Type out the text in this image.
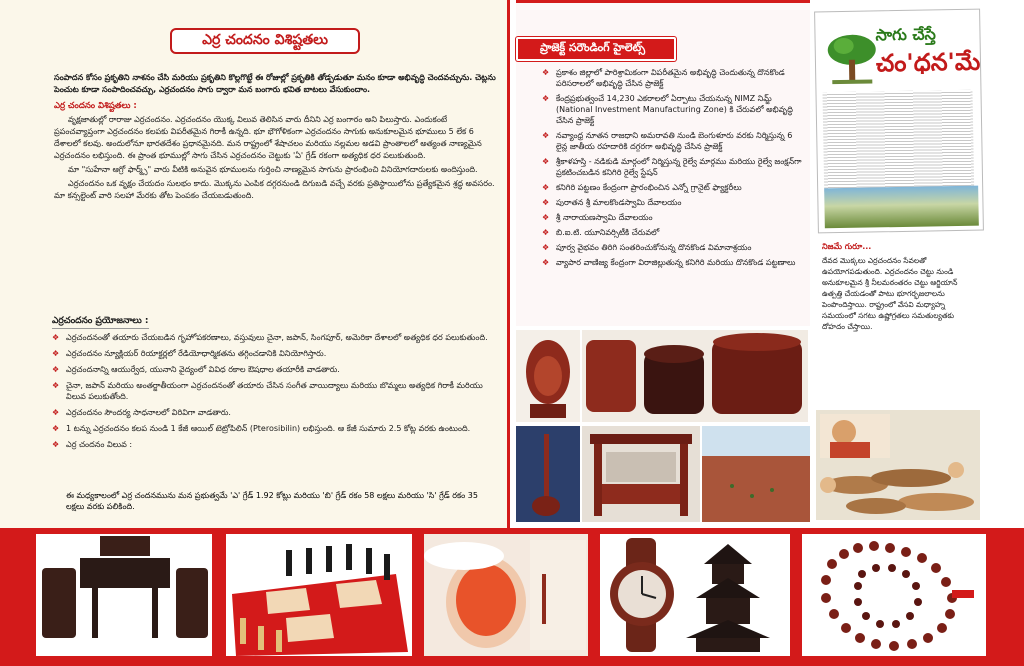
ఎర్ర చందనం విశిష్టతలు

సంపాదన కోసం ప్రకృతిని నాశనం చేసి మరియు ప్రకృతిని కొల్లగొట్టే ఈ రోజుల్లో ప్రకృతికి తోడ్పడుతూ మనం కూడా అభివృద్ధి చెందవచ్చును. చెట్లను పెంచుట కూడా సంపాదించవచ్చు, ఎర్రచందనం సాగు ద్వారా మన బంగారు భవిత బాటలు వేసుకుందాం.

ఎర్ర చందనం విశిష్టతలు :

వృక్షజాతుల్లో రారాజు ఎర్రచందనం. ఎర్రచందనం యొక్క విలువ తెలిసిన వారు దీనిని ఎర్ర బంగారం అని పిలుస్తారు. ఎందుకంటే ప్రపంచవ్యాప్తంగా ఎర్రచందనం కలపకు విపరీతమైన గిరాకీ ఉన్నది. భూ భౌగోళికంగా ఎర్రచందనం సాగుకు అనుకూలమైన భూములు 5 లేక 6 దేశాలలో కలవు. అందులోనూ భారతదేశం ప్రధానమైనది. మన రాష్ట్రంలో శేషాచలం మరియు నల్లమల అడవి ప్రాంతాలలో అత్యంత నాణ్యమైన ఎర్రచందనం లభిస్తుంది. ఈ ప్రాంత భూముల్లో సాగు చేసిన ఎర్రచందనం చెట్టుకు 'ఏ' గ్రేడ్ రకంగా అత్యధిక ధర పలుకుతుంది.

మా "సుహేనా ఆగ్రో ఫార్మ్స్" వారు వీటికి అనువైన భూములను గుర్తించి నాణ్యమైన సాగును ప్రారంభించి వినియోగదారులకు అందిస్తుంది.

ఎర్రచందనం ఒక వృక్షం చేయదం సులభం కాదు. మొక్కను ఎంపిక దగ్గరనుండి దిగుబడి వచ్చే వరకు ప్రతిస్థాయిలోను ప్రత్యేకమైన శ్రద్ధ అవసరం. మా కన్సల్టెంట్ వారి సలహా మేరకు తోట పెంపకం చేయబడుతుంది.

ఎర్రచందనం ప్రయోజనాలు :
❖ ఎర్రచందనంతో తయారు చేయబడిన గృహోపకరణాలు, వస్తువులు చైనా, జపాన్, సింగపూర్, అమెరికా దేశాలలో అత్యధిక ధర పలుకుతుంది.
❖ ఎర్రచందనం న్యూక్లియర్ రియాక్టర్లలో రేడియోధార్మికతను తగ్గించడానికి వినియోగిస్తారు.
❖ ఎర్రచందనాన్ని ఆయుర్వేద, యునాని వైద్యంలో వివిధ రకాల ఔషధాల తయారీకి వాడతారు.
❖ చైనా, జపాన్ మరియు అంతర్జాతీయంగా ఎర్రచందనంతో తయారు చేసిన సంగీత వాయిద్యాలు మరియు బొమ్మలు అత్యధిక గిరాకీ మరియు విలువ పలుకుతోంది.
❖ ఎర్రచందనం సౌందర్య సాధనాలలో విరివిగా వాడతారు.
❖ 1 టన్ను ఎర్రచందనం కలప నుండి 1 కేజీ ఆయిల్ టెట్రోపిలిన్ (Pterosibilin) లభిస్తుంది. ఆ కేజీ సుమారు 2.5 కోట్ల వరకు ఉంటుంది.
❖ ఎర్ర చందనం విలువ :

ఈ మధ్యకాలంలో ఎర్ర చందనమును మన ప్రభుత్వమే 'ఎ' గ్రేడ్ 1.92 కోట్లు మరియు 'బి' గ్రేడ్ రకం 58 లక్షలు మరియు 'సి' గ్రేడ్ రకం 35 లక్షలు వరకు పలికింది.

ప్రాజెక్ట్ సరౌండింగ్ హైలెట్స్
❖ ప్రకాశం జిల్లాలో పారిశ్రామికంగా విపరీతమైన అభివృద్ధి చెందుతున్న దొనకొండ పరిసరాలలో అభివృద్ధి చేసిన ప్రాజెక్ట్
❖ కేంద్రప్రభుత్వంచే 14,230 ఎకరాలలో ఏర్పాటు చేయనున్న NIMZ నిమ్జ్ (National Investment Manufacturing Zone) కి చేరువలో అభివృద్ధి చేసిన ప్రాజెక్ట్
❖ నవ్యాంధ్ర నూతన రాజధాని అమరావతి నుండి బెంగుళూరు వరకు నిర్మిస్తున్న 6 లైన్ల జాతీయ రహదారికి దగ్గరగా అభివృద్ధి చేసిన ప్రాజెక్ట్
❖ శ్రీకాళహస్తి - నడికుడి మార్గంలో నిర్మిస్తున్న రైల్వే మార్గము మరియు రైల్వే జంక్షన్‌గా ప్రకటించబడిన కనిగిరి రైల్వే స్టేషన్
❖ కనిగిరి పట్టణం కేంద్రంగా ప్రారంభించిన ఎన్నో గ్రానైట్ ఫ్యాక్టరీలు
❖ పురాతన శ్రీ మాలకొండస్వామి దేవాలయం
❖ శ్రీ నారాయణస్వామి దేవాలయం
❖ బి.ఐ.టి. యూనివర్సిటీకి చేరువలో
❖ పూర్వ వైభవం తిరిగి సంతరించుకోనున్న దొనకొండ విమానాశ్రయం
❖ వ్యాపార వాణిజ్య కేంద్రంగా విరాజిల్లుతున్న కనిగిరి మరియు దొనకొండ పట్టణాలు
సాగు చేస్తే
చం'ధన'మే
నిజమే గురూ...

దేవద మొక్కలు ఎర్రచందనం సేవలతో ఉపయోగపడుతుంది. ఎర్రచందనం చెట్టు నుండి అనుకూలమైన శ్రీ నీలమఠంతరం చెట్టు ఆర్జియాన్ ఉత్పత్తి చేయడంతో పాటు భూగర్భజలాలను పెంపొందిస్తాయి. రాష్ట్రంలో వేసవి మధ్యాహ్న సమయంలో సగటు ఉష్ణోగ్రతలు సమతుల్యతకు దోహదం చేస్తాయి.
